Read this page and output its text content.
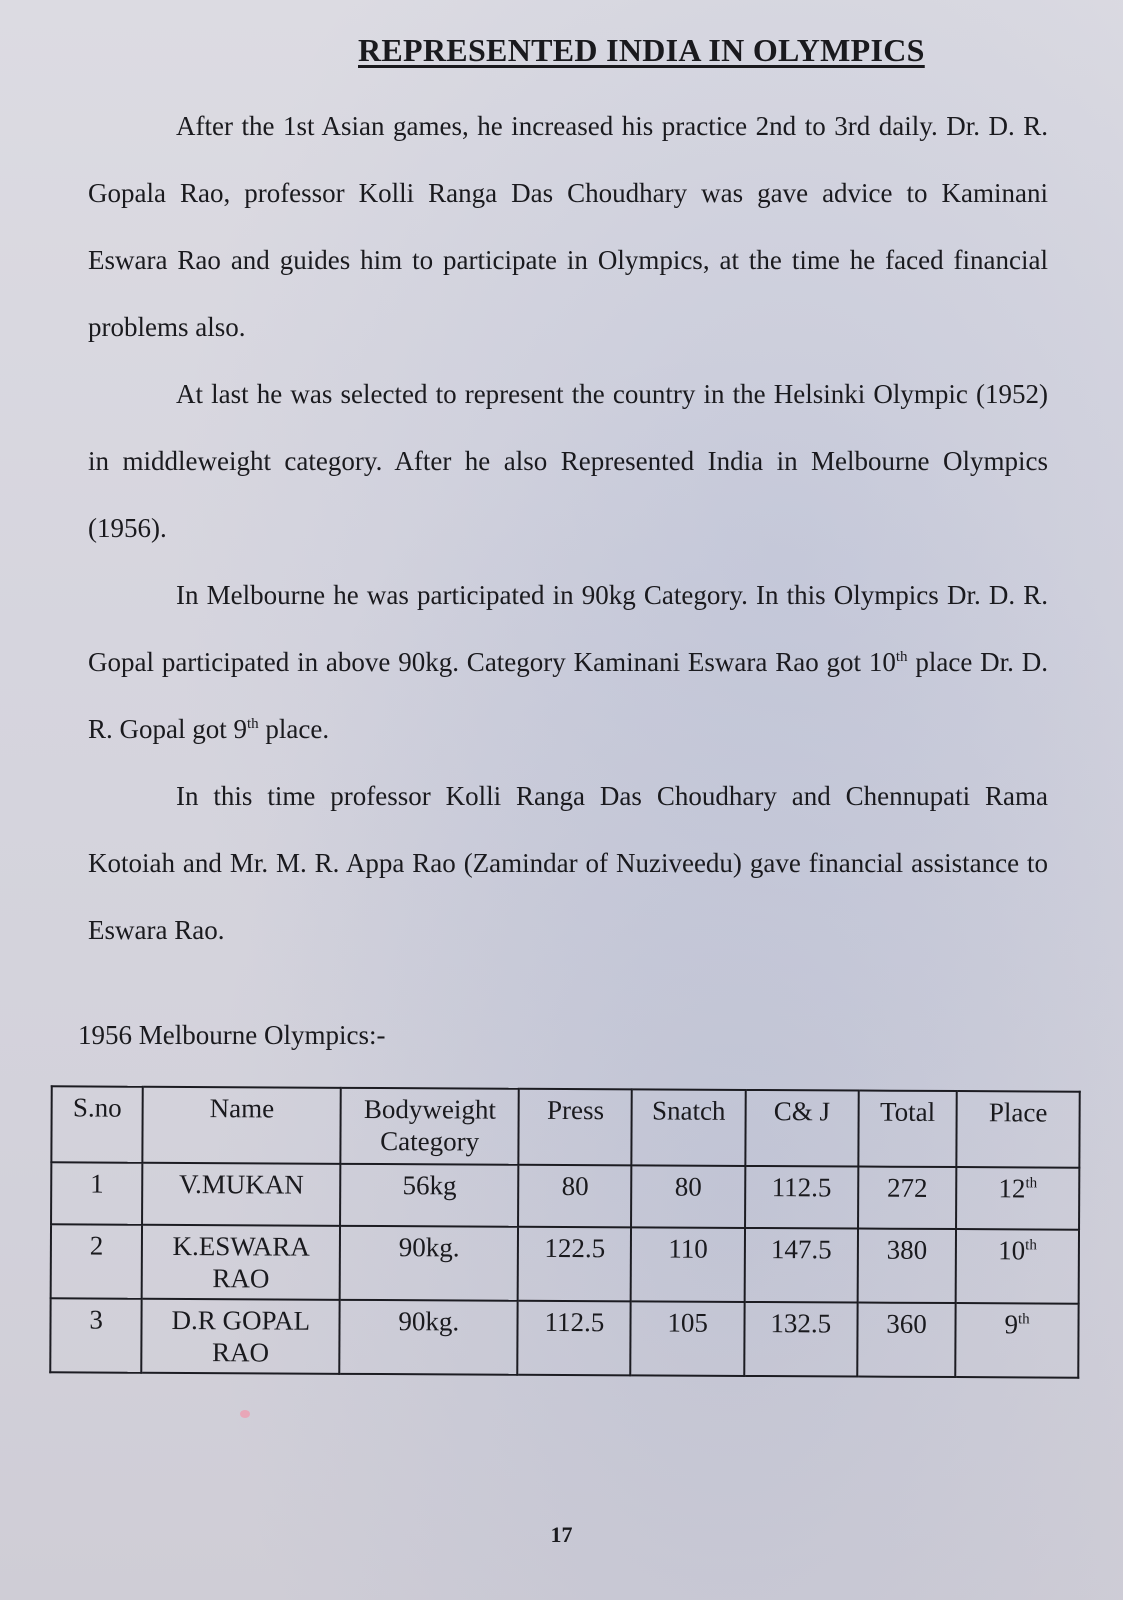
REPRESENTED INDIA IN OLYMPICS

After the 1st Asian games, he increased his practice 2nd to 3rd daily. Dr. D. R. Gopala Rao, professor Kolli Ranga Das Choudhary was gave advice to Kaminani Eswara Rao and guides him to participate in Olympics, at the time he faced financial problems also.

At last he was selected to represent the country in the Helsinki Olympic (1952) in middleweight category. After he also Represented India in Melbourne Olympics (1956).

In Melbourne he was participated in 90kg Category. In this Olympics Dr. D. R. Gopal participated in above 90kg. Category Kaminani Eswara Rao got 10th place Dr. D. R. Gopal got 9th place.

In this time professor Kolli Ranga Das Choudhary and Chennupati Rama Kotoiah and Mr. M. R. Appa Rao (Zamindar of Nuziveedu) gave financial assistance to Eswara Rao.

1956 Melbourne Olympics:-
S.no	Name	Bodyweight Category	Press	Snatch	C& J	Total	Place
1	V.MUKAN	56kg	80	80	112.5	272	12th
2	K.ESWARA RAO	90kg.	122.5	110	147.5	380	10th
3	D.R GOPAL RAO	90kg.	112.5	105	132.5	360	9th
17
